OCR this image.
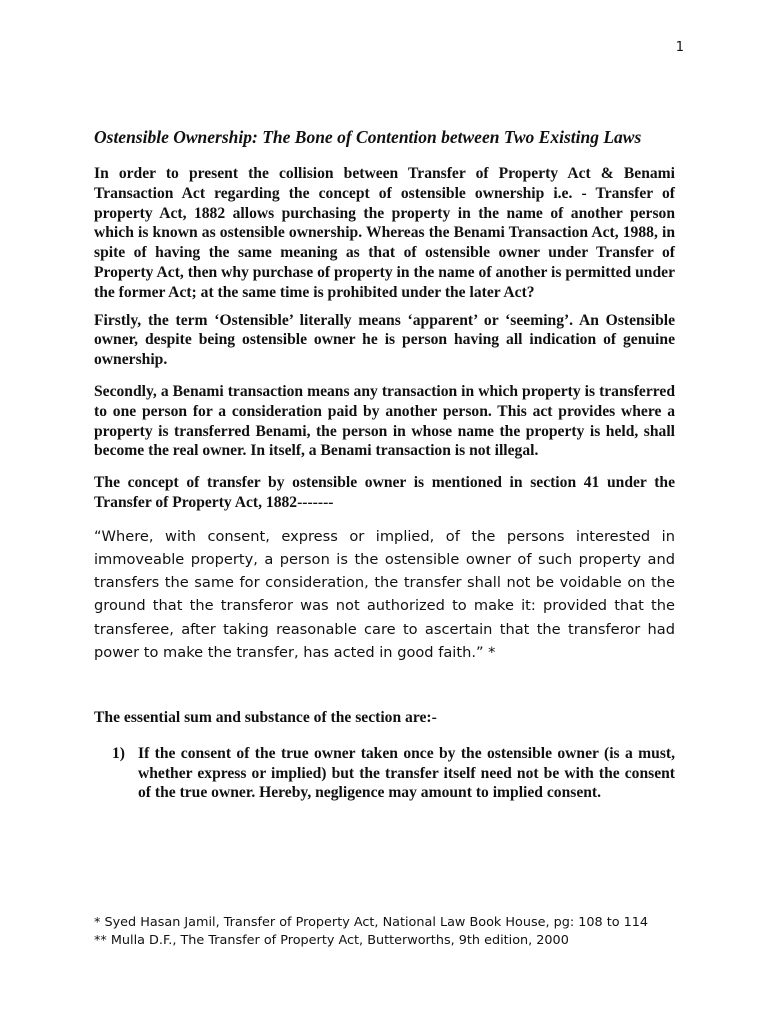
1
Ostensible Ownership: The Bone of Contention between Two Existing Laws

In order to present the collision between Transfer of Property Act & Benami Transaction Act regarding the concept of ostensible ownership i.e. - Transfer of property Act, 1882 allows purchasing the property in the name of another person which is known as ostensible ownership. Whereas the Benami Transaction Act, 1988, in spite of having the same meaning as that of ostensible owner under Transfer of Property Act, then why purchase of property in the name of another is permitted under the former Act; at the same time is prohibited under the later Act?

Firstly, the term ‘Ostensible’ literally means ‘apparent’ or ‘seeming’. An Ostensible owner, despite being ostensible owner he is person having all indication of genuine ownership.

Secondly, a Benami transaction means any transaction in which property is transferred to one person for a consideration paid by another person. This act provides where a property is transferred Benami, the person in whose name the property is held, shall become the real owner. In itself, a Benami transaction is not illegal.

The concept of transfer by ostensible owner is mentioned in section 41 under the Transfer of Property Act, 1882-------

“Where, with consent, express or implied, of the persons interested in immoveable property, a person is the ostensible owner of such property and transfers the same for consideration, the transfer shall not be voidable on the ground that the transferor was not authorized to make it: provided that the transferee, after taking reasonable care to ascertain that the transferor had power to make the transfer, has acted in good faith.” *

The essential sum and substance of the section are:-

1) If the consent of the true owner taken once by the ostensible owner (is a must, whether express or implied) but the transfer itself need not be with the consent of the true owner. Hereby, negligence may amount to implied consent.

* Syed Hasan Jamil, Transfer of Property Act, National Law Book House, pg: 108 to 114

** Mulla D.F., The Transfer of Property Act, Butterworths, 9th edition, 2000
